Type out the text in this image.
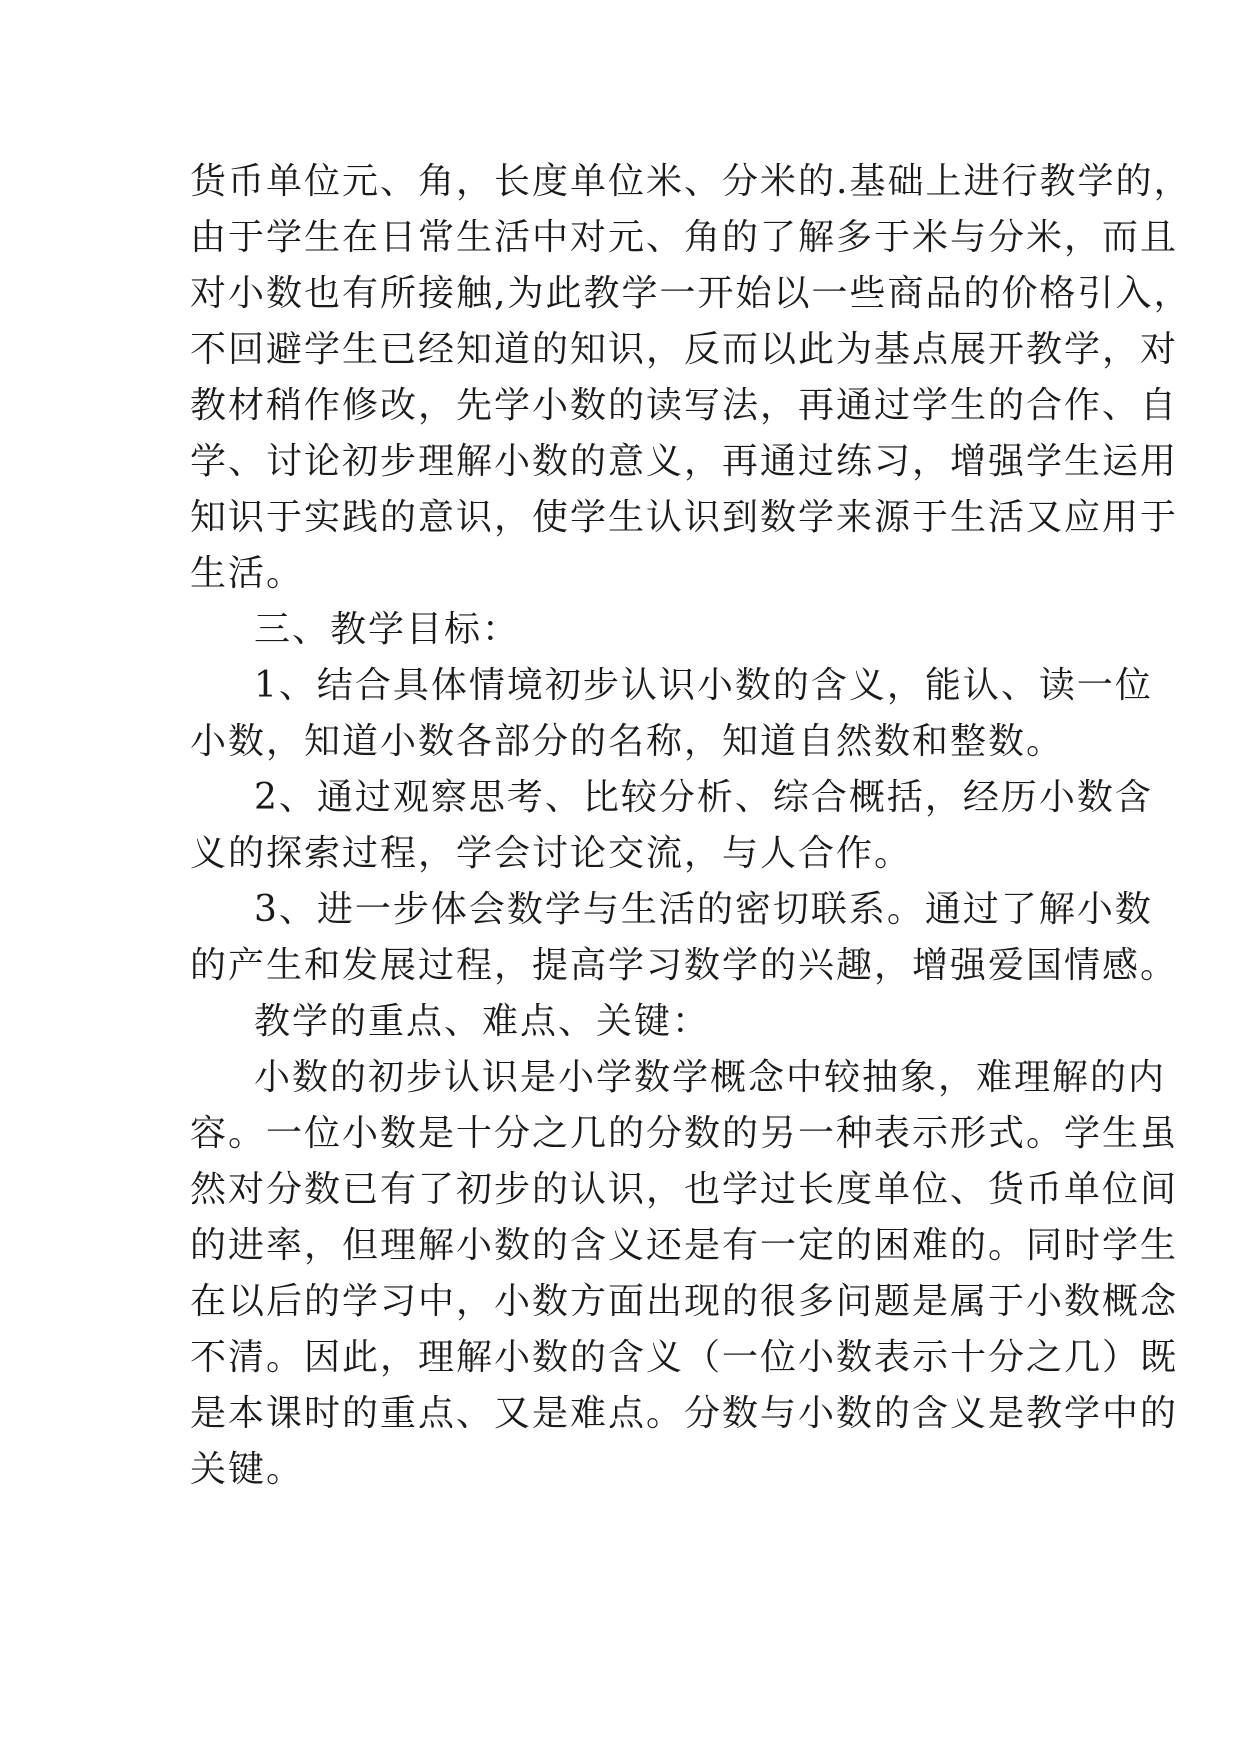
货币单位元、角，长度单位米、分米的.基础上进行教学的，
由于学生在日常生活中对元、角的了解多于米与分米，而且
对小数也有所接触,为此教学一开始以一些商品的价格引入，
不回避学生已经知道的知识，反而以此为基点展开教学，对
教材稍作修改，先学小数的读写法，再通过学生的合作、自
学、讨论初步理解小数的意义，再通过练习，增强学生运用
知识于实践的意识，使学生认识到数学来源于生活又应用于
生活。
三、教学目标：
1、结合具体情境初步认识小数的含义，能认、读一位
小数，知道小数各部分的名称，知道自然数和整数。
2、通过观察思考、比较分析、综合概括，经历小数含
义的探索过程，学会讨论交流，与人合作。
3、进一步体会数学与生活的密切联系。通过了解小数
的产生和发展过程，提高学习数学的兴趣，增强爱国情感。
教学的重点、难点、关键：
小数的初步认识是小学数学概念中较抽象，难理解的内
容。一位小数是十分之几的分数的另一种表示形式。学生虽
然对分数已有了初步的认识，也学过长度单位、货币单位间
的进率，但理解小数的含义还是有一定的困难的。同时学生
在以后的学习中，小数方面出现的很多问题是属于小数概念
不清。因此，理解小数的含义（一位小数表示十分之几）既
是本课时的重点、又是难点。分数与小数的含义是教学中的
关键。
